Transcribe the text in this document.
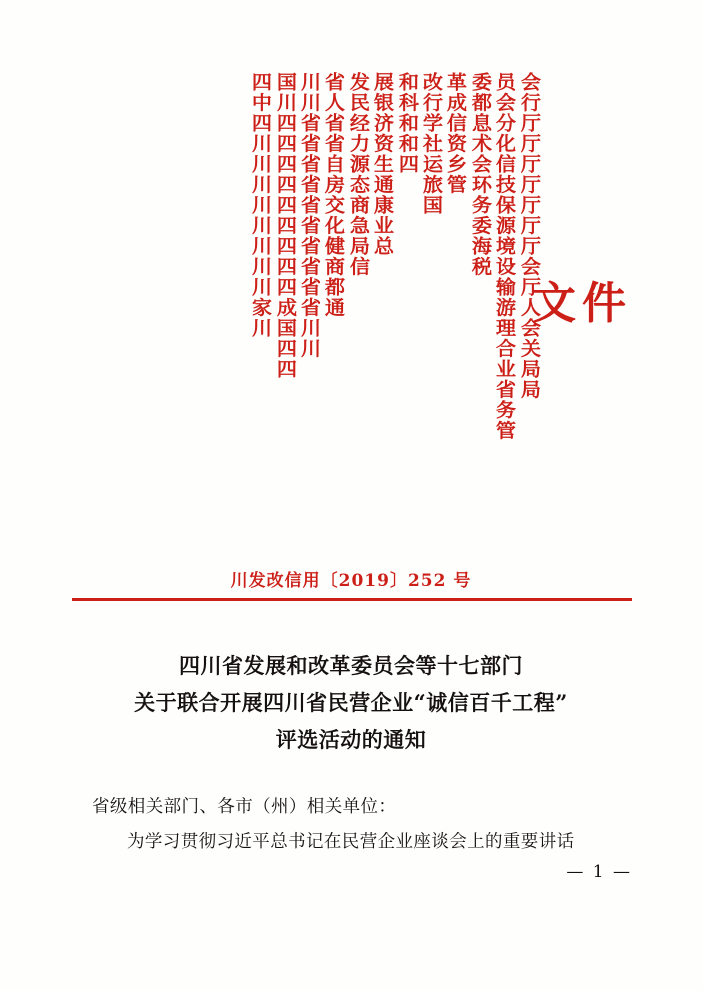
会行厅厅厅厅厅厅厅会厅人会关局局
员会分化信技保源境设输游理合业省务管
委都息术会环务委海税
革成信资乡管
改行学社运旅国
和科和和四
展银济资生通康业总
发民经力源态商急局信
省人省省自房交化健商都通
川川省省省省省省省省省省川川
国川四四四四四四四四四成国四四
四中四川川川川川川川川家川	文件
川发改信用〔2019〕252 号
四川省发展和改革委员会等十七部门
关于联合开展四川省民营企业“诚信百千工程”
评选活动的通知
省级相关部门、各市（州）相关单位：
为学习贯彻习近平总书记在民营企业座谈会上的重要讲话
— 1 —
